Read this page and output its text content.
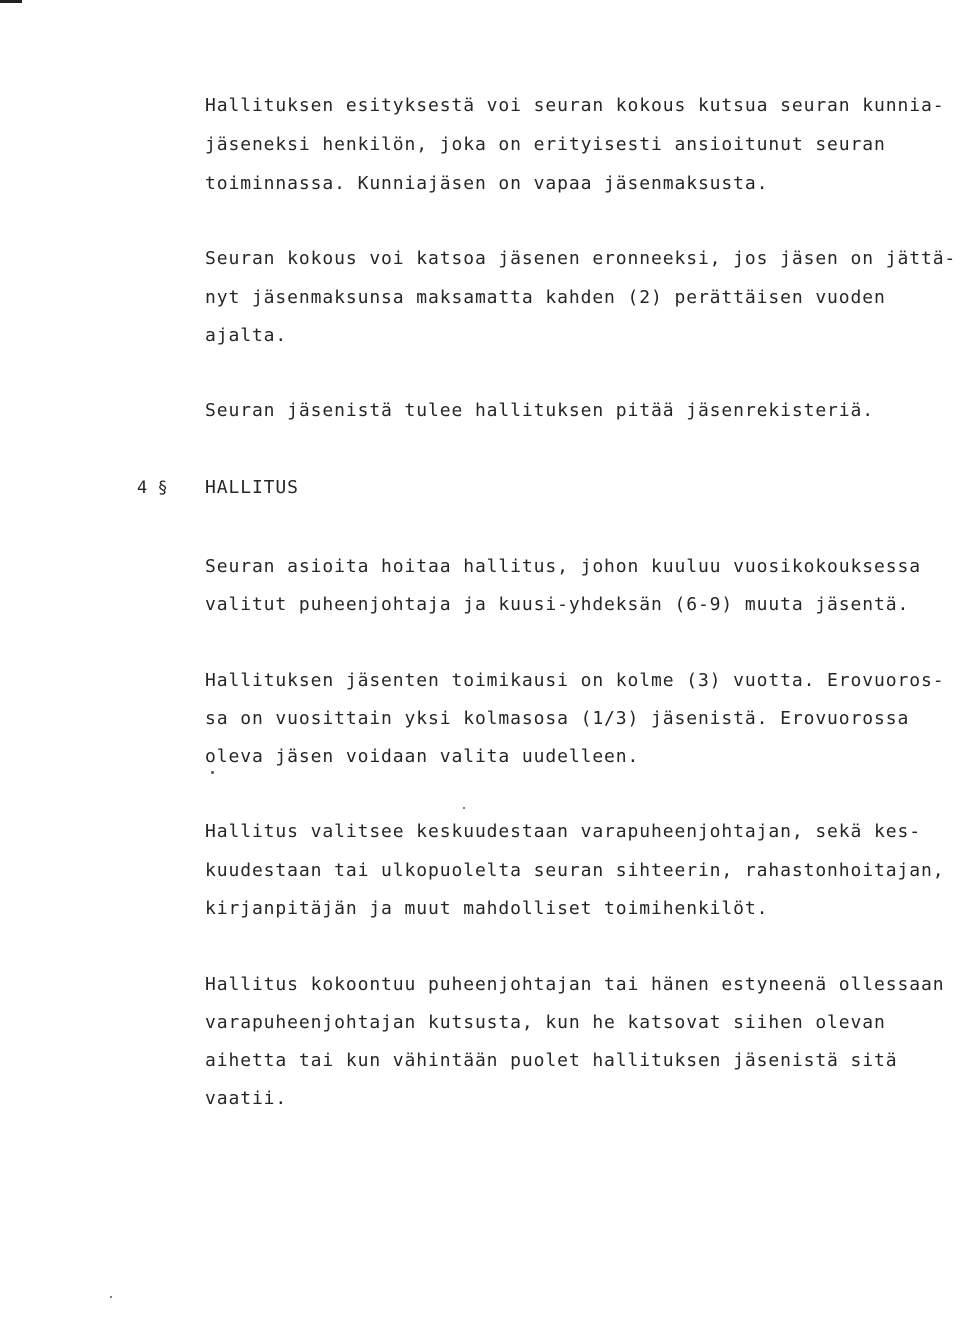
Hallituksen esityksestä voi seuran kokous kutsua seuran kunnia-
jäseneksi henkilön, joka on erityisesti ansioitunut seuran
toiminnassa. Kunniajäsen on vapaa jäsenmaksusta.
Seuran kokous voi katsoa jäsenen eronneeksi, jos jäsen on jättä-
nyt jäsenmaksunsa maksamatta kahden (2) perättäisen vuoden
ajalta.
Seuran jäsenistä tulee hallituksen pitää jäsenrekisteriä.
4 § HALLITUS
Seuran asioita hoitaa hallitus, johon kuuluu vuosikokouksessa
valitut puheenjohtaja ja kuusi-yhdeksän (6-9) muuta jäsentä.
Hallituksen jäsenten toimikausi on kolme (3) vuotta. Erovuoros-
sa on vuosittain yksi kolmasosa (1/3) jäsenistä. Erovuorossa
oleva jäsen voidaan valita uudelleen.
Hallitus valitsee keskuudestaan varapuheenjohtajan, sekä kes-
kuudestaan tai ulkopuolelta seuran sihteerin, rahastonhoitajan,
kirjanpitäjän ja muut mahdolliset toimihenkilöt.
Hallitus kokoontuu puheenjohtajan tai hänen estyneenä ollessaan
varapuheenjohtajan kutsusta, kun he katsovat siihen olevan
aihetta tai kun vähintään puolet hallituksen jäsenistä sitä
vaatii.
